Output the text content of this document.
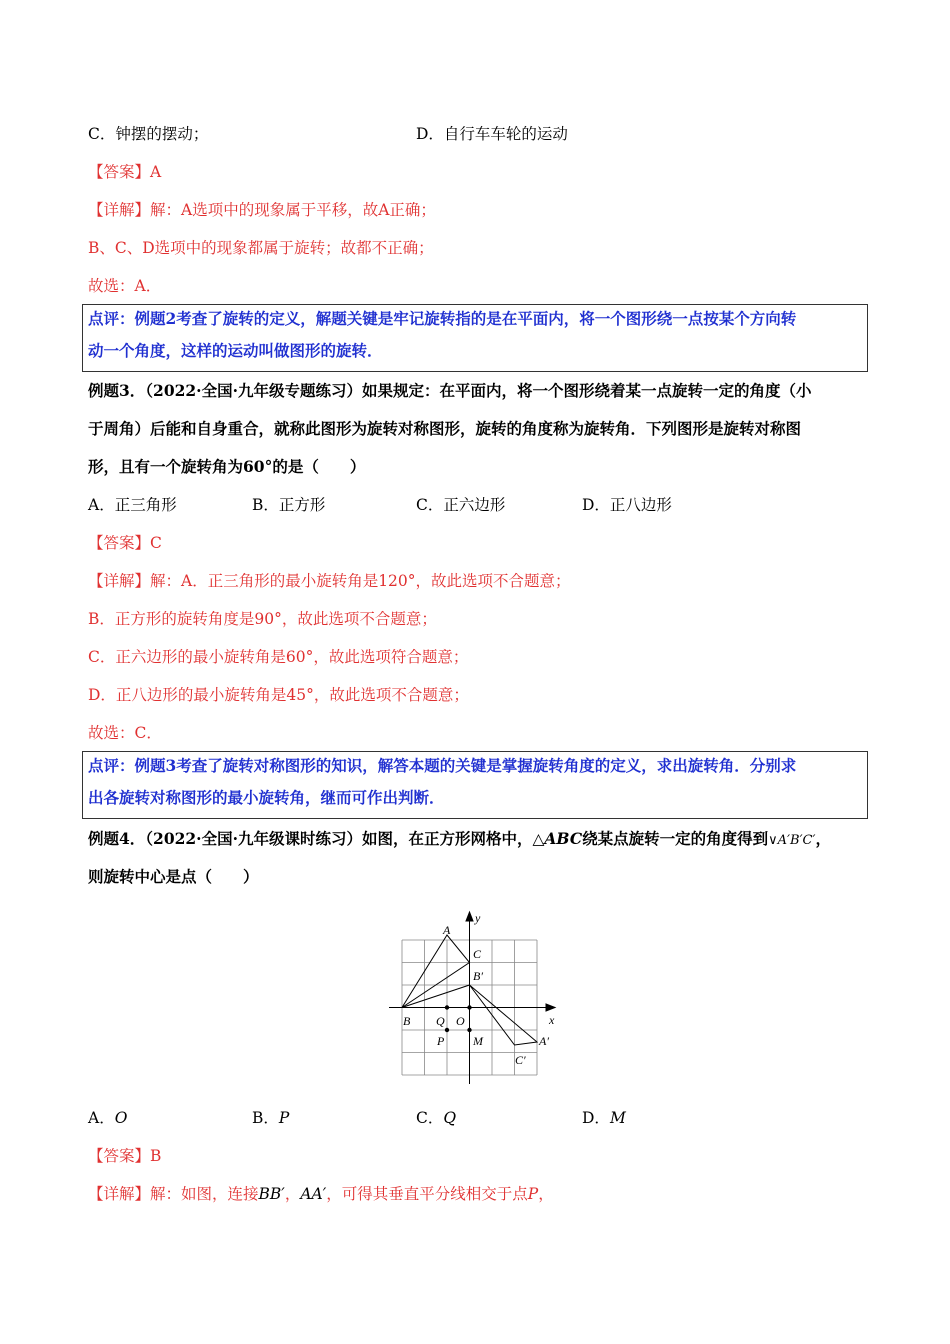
C．钟摆的摆动；	D．自行车车轮的运动
【答案】A
【详解】解：A选项中的现象属于平移，故A正确；
B、C、D选项中的现象都属于旋转；故都不正确；
故选：A．
点评：例题2考查了旋转的定义，解题关键是牢记旋转指的是在平面内，将一个图形绕一点按某个方向转
动一个角度，这样的运动叫做图形的旋转．
例题3．（2022·全国·九年级专题练习）如果规定：在平面内，将一个图形绕着某一点旋转一定的角度（小
于周角）后能和自身重合，就称此图形为旋转对称图形，旋转的角度称为旋转角．下列图形是旋转对称图
形，且有一个旋转角为60°的是（　　）
A．正三角形	B．正方形	C．正六边形	D．正八边形
【答案】C
【详解】解：A．正三角形的最小旋转角是120°，故此选项不合题意；
B．正方形的旋转角度是90°，故此选项不合题意；
C．正六边形的最小旋转角是60°，故此选项符合题意；
D．正八边形的最小旋转角是45°，故此选项不合题意；
故选：C．
点评：例题3考查了旋转对称图形的知识，解答本题的关键是掌握旋转角度的定义，求出旋转角．分别求
出各旋转对称图形的最小旋转角，继而可作出判断．
例题4．（2022·全国·九年级课时练习）如图，在正方形网格中，△ABC绕某点旋转一定的角度得到∨A′B′C′，
则旋转中心是点（　　）
y
x
A
B
C
B′
Q O
P M	A′
C′
A．O	B．P	C．Q	D．M
【答案】B
【详解】解：如图，连接BB′，AA′，可得其垂直平分线相交于点P，
